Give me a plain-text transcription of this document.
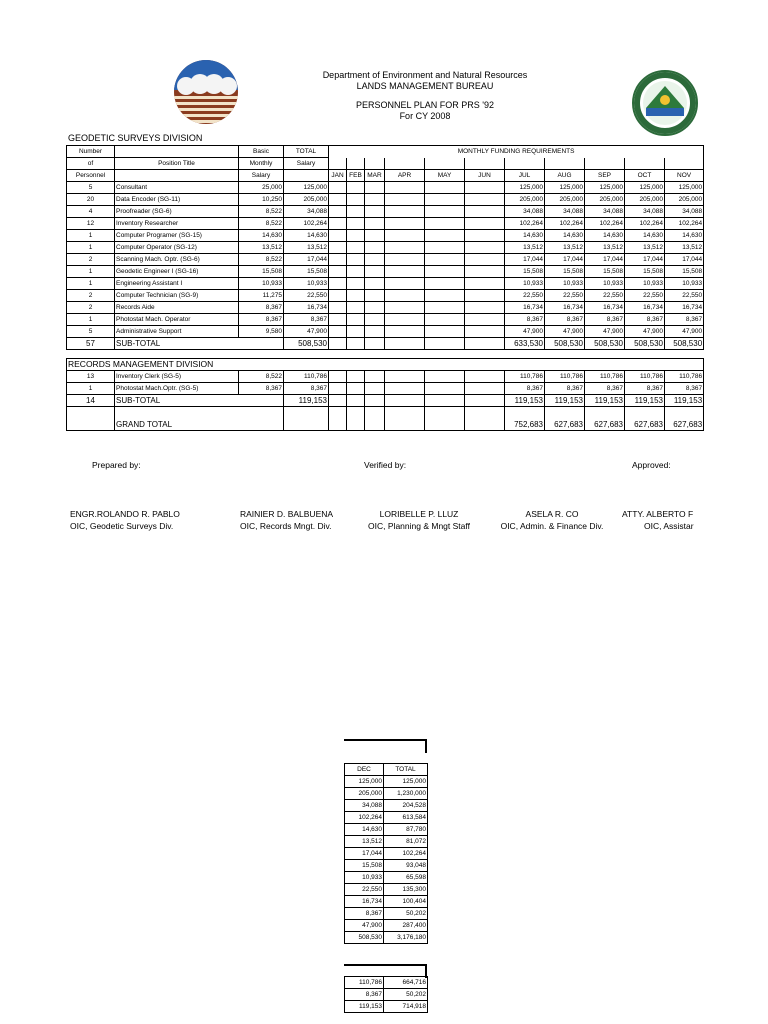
Department of Environment and Natural Resources
LANDS MANAGEMENT BUREAU
PERSONNEL PLAN FOR PRS '92
For CY 2008
GEODETIC SURVEYS DIVISION
Number		Basic	TOTAL	MONTHLY FUNDING REQUIREMENTS										
of	Position Title	Monthly	Salary											
Personnel		Salary		JAN	FEB	MAR	APR	MAY	JUN	JUL	AUG	SEP	OCT	NOV
5	Consultant	25,000	125,000							125,000	125,000	125,000	125,000	125,000
20	Data Encoder (SG-11)	10,250	205,000							205,000	205,000	205,000	205,000	205,000
4	Proofreader (SG-6)	8,522	34,088							34,088	34,088	34,088	34,088	34,088
12	Inventory Researcher	8,522	102,264							102,264	102,264	102,264	102,264	102,264
1	Computer Programer (SG-15)	14,630	14,630							14,630	14,630	14,630	14,630	14,630
1	Computer Operator (SG-12)	13,512	13,512							13,512	13,512	13,512	13,512	13,512
2	Scanning Mach. Optr. (SG-6)	8,522	17,044							17,044	17,044	17,044	17,044	17,044
1	Geodetic Engineer I (SG-16)	15,508	15,508							15,508	15,508	15,508	15,508	15,508
1	Engineering Assistant I	10,933	10,933							10,933	10,933	10,933	10,933	10,933
2	Computer Technician (SG-9)	11,275	22,550							22,550	22,550	22,550	22,550	22,550
2	Records Aide	8,367	16,734							16,734	16,734	16,734	16,734	16,734
1	Photostat Mach. Operator	8,367	8,367							8,367	8,367	8,367	8,367	8,367
5	Administrative Support	9,580	47,900							47,900	47,900	47,900	47,900	47,900
57	SUB-TOTAL		508,530							633,530	508,530	508,530	508,530	508,530

RECORDS MANAGEMENT DIVISION														
13	Inventory Clerk (SG-5)	8,522	110,786							110,786	110,786	110,786	110,786	110,786
1	Photostat Mach.Optr. (SG-5)	8,367	8,367							8,367	8,367	8,367	8,367	8,367
14	SUB-TOTAL		119,153							119,153	119,153	119,153	119,153	119,153
	GRAND TOTAL									752,683	627,683	627,683	627,683	627,683
Prepared by:	Verified by:	Approved:
ENGR.ROLANDO R. PABLO
OIC, Geodetic Surveys Div.
RAINIER D. BALBUENA
OIC, Records Mngt. Div.
LORIBELLE P. LLUZ
OIC, Planning & Mngt Staff
ASELA R. CO
OIC, Admin. & Finance Div.
ATTY. ALBERTO F
OIC, Assistar
DEC	TOTAL
125,000	125,000
205,000	1,230,000
34,088	204,528
102,264	613,584
14,630	87,780
13,512	81,072
17,044	102,264
15,508	93,048
10,933	65,598
22,550	135,300
16,734	100,404
8,367	50,202
47,900	287,400
508,530	3,176,180
110,786	664,716
8,367	50,202
119,153	714,918
